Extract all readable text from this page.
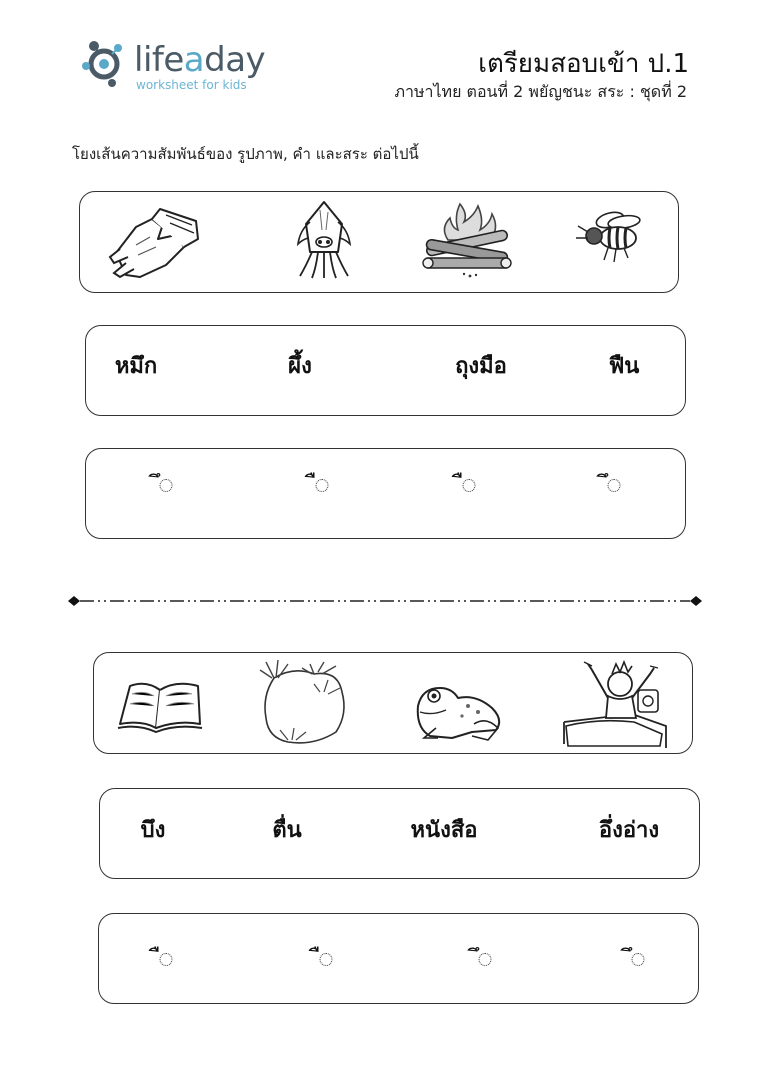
lifeaday
worksheet for kids
เตรียมสอบเข้า ป.1
ภาษาไทย ตอนที่ 2 พยัญชนะ สระ : ชุดที่ 2
โยงเส้นความสัมพันธ์ของ รูปภาพ, คำ และสระ ต่อไปนี้
หมึก	ผึ้ง	ถุงมือ	ฟืน
บึง	ตื่น	หนังสือ	อึ่งอ่าง
